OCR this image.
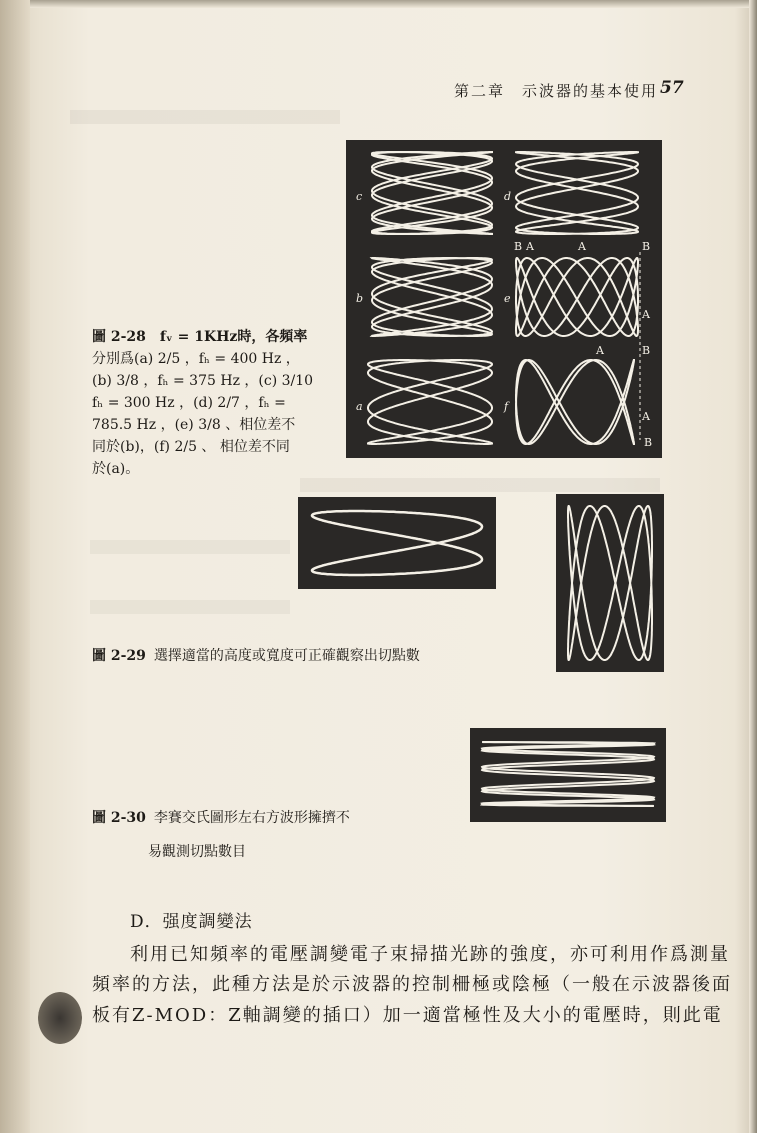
第二章　示波器的基本使用 57
c	d
b	e
a	f
B A	A	B
A
A	B
A
B
圖 2-28　fᵥ = 1KHz時，各頻率
分別爲(a) 2/5 ，fₕ = 400 Hz ，
(b) 3/8 ，fₕ = 375 Hz ，(c) 3/10
fₕ = 300 Hz ，(d) 2/7 ，fₕ =
785.5 Hz ，(e) 3/8 、相位差不
同於(b)，(f) 2/5 、 相位差不同
於(a)。
圖 2-29 選擇適當的高度或寬度可正確觀察出切點數
圖 2-30 李賽交氏圖形左右方波形擁擠不
易觀測切點數目
D．强度調變法
利用已知頻率的電壓調變電子束掃描光跡的強度，亦可利用作爲測量
頻率的方法，此種方法是於示波器的控制柵極或陰極（一般在示波器後面
板有Z-MOD：Z軸調變的插口）加一適當極性及大小的電壓時，則此電
